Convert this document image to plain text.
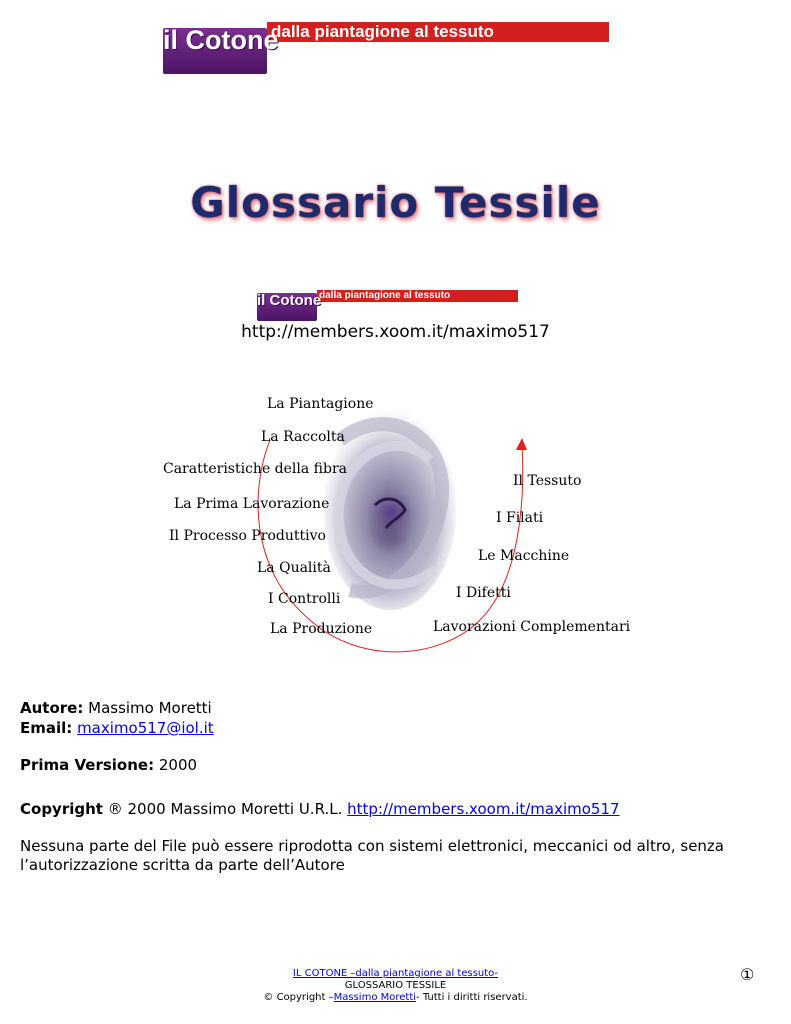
dalla piantagione al tessuto
il Cotone
Glossario Tessile
dalla piantagione al tessuto
il Cotone
http://members.xoom.it/maximo517
La Piantagione
La Raccolta
Caratteristiche della fibra
La Prima Lavorazione
Il Processo Produttivo
La Qualità
I Controlli
La Produzione
Il Tessuto
I Filati
Le Macchine
I Difetti
Lavorazioni Complementari
Autore: Massimo Moretti
Email: maximo517@iol.it
Prima Versione: 2000
Copyright ® 2000 Massimo Moretti U.R.L. http://members.xoom.it/maximo517
Nessuna parte del File può essere riprodotta con sistemi elettronici, meccanici od altro, senza l’autorizzazione scritta da parte dell’Autore
IL COTONE –dalla piantagione al tessuto-
GLOSSARIO TESSILE
© Copyright –Massimo Moretti- Tutti i diritti riservati.
①
